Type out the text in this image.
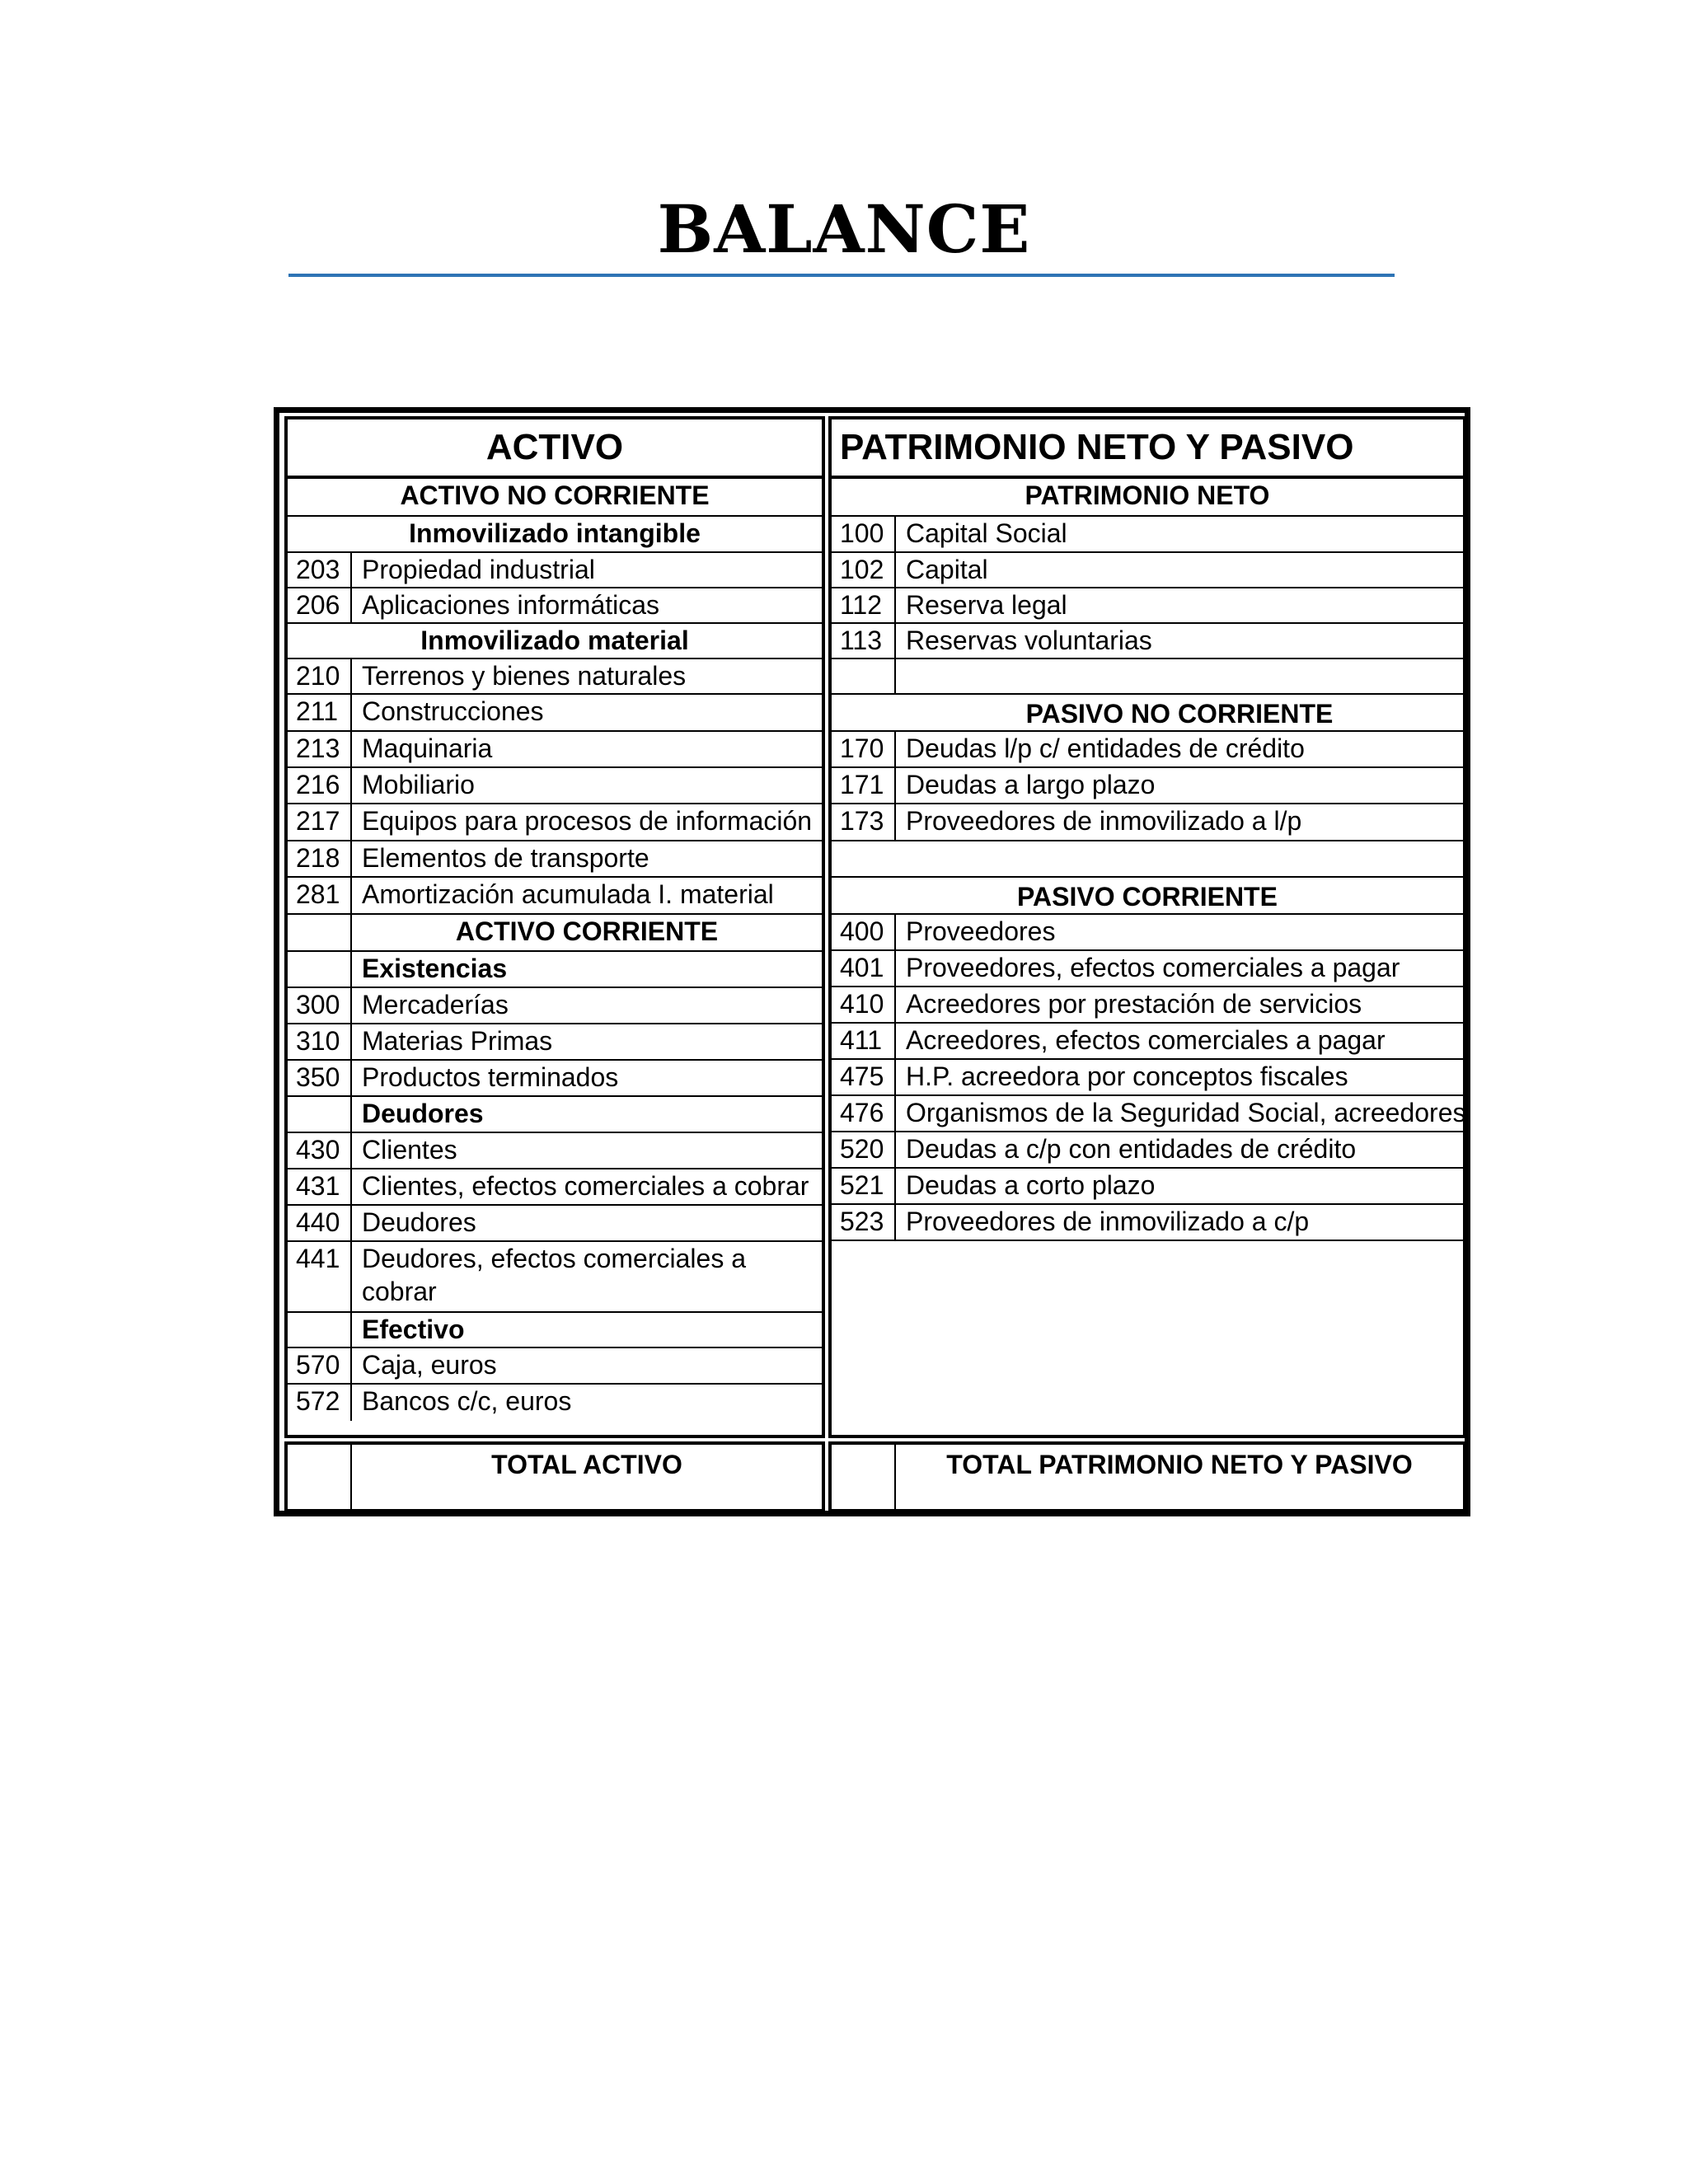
BALANCE
ACTIVO
ACTIVO NO CORRIENTE
Inmovilizado intangible
203 Propiedad industrial
206 Aplicaciones informáticas
Inmovilizado material
210 Terrenos y bienes naturales
211 Construcciones
213 Maquinaria
216 Mobiliario
217 Equipos para procesos de información
218 Elementos de transporte
281 Amortización acumulada I. material
ACTIVO CORRIENTE
Existencias
300 Mercaderías
310 Materias Primas
350 Productos terminados
Deudores
430 Clientes
431 Clientes, efectos comerciales a cobrar
440 Deudores
441 Deudores, efectos comerciales a cobrar
Efectivo
570 Caja, euros
572 Bancos c/c, euros
PATRIMONIO NETO Y PASIVO
PATRIMONIO NETO
100 Capital Social
102 Capital
112 Reserva legal
113 Reservas voluntarias
PASIVO NO CORRIENTE
170 Deudas l/p c/ entidades de crédito
171 Deudas a largo plazo
173 Proveedores de inmovilizado a l/p
PASIVO CORRIENTE
400 Proveedores
401 Proveedores, efectos comerciales a pagar
410 Acreedores por prestación de servicios
411 Acreedores, efectos comerciales a pagar
475 H.P. acreedora por conceptos fiscales
476 Organismos de la Seguridad Social, acreedores
520 Deudas a c/p con entidades de crédito
521 Deudas a corto plazo
523 Proveedores de inmovilizado a c/p
TOTAL ACTIVO	TOTAL PATRIMONIO NETO Y PASIVO
